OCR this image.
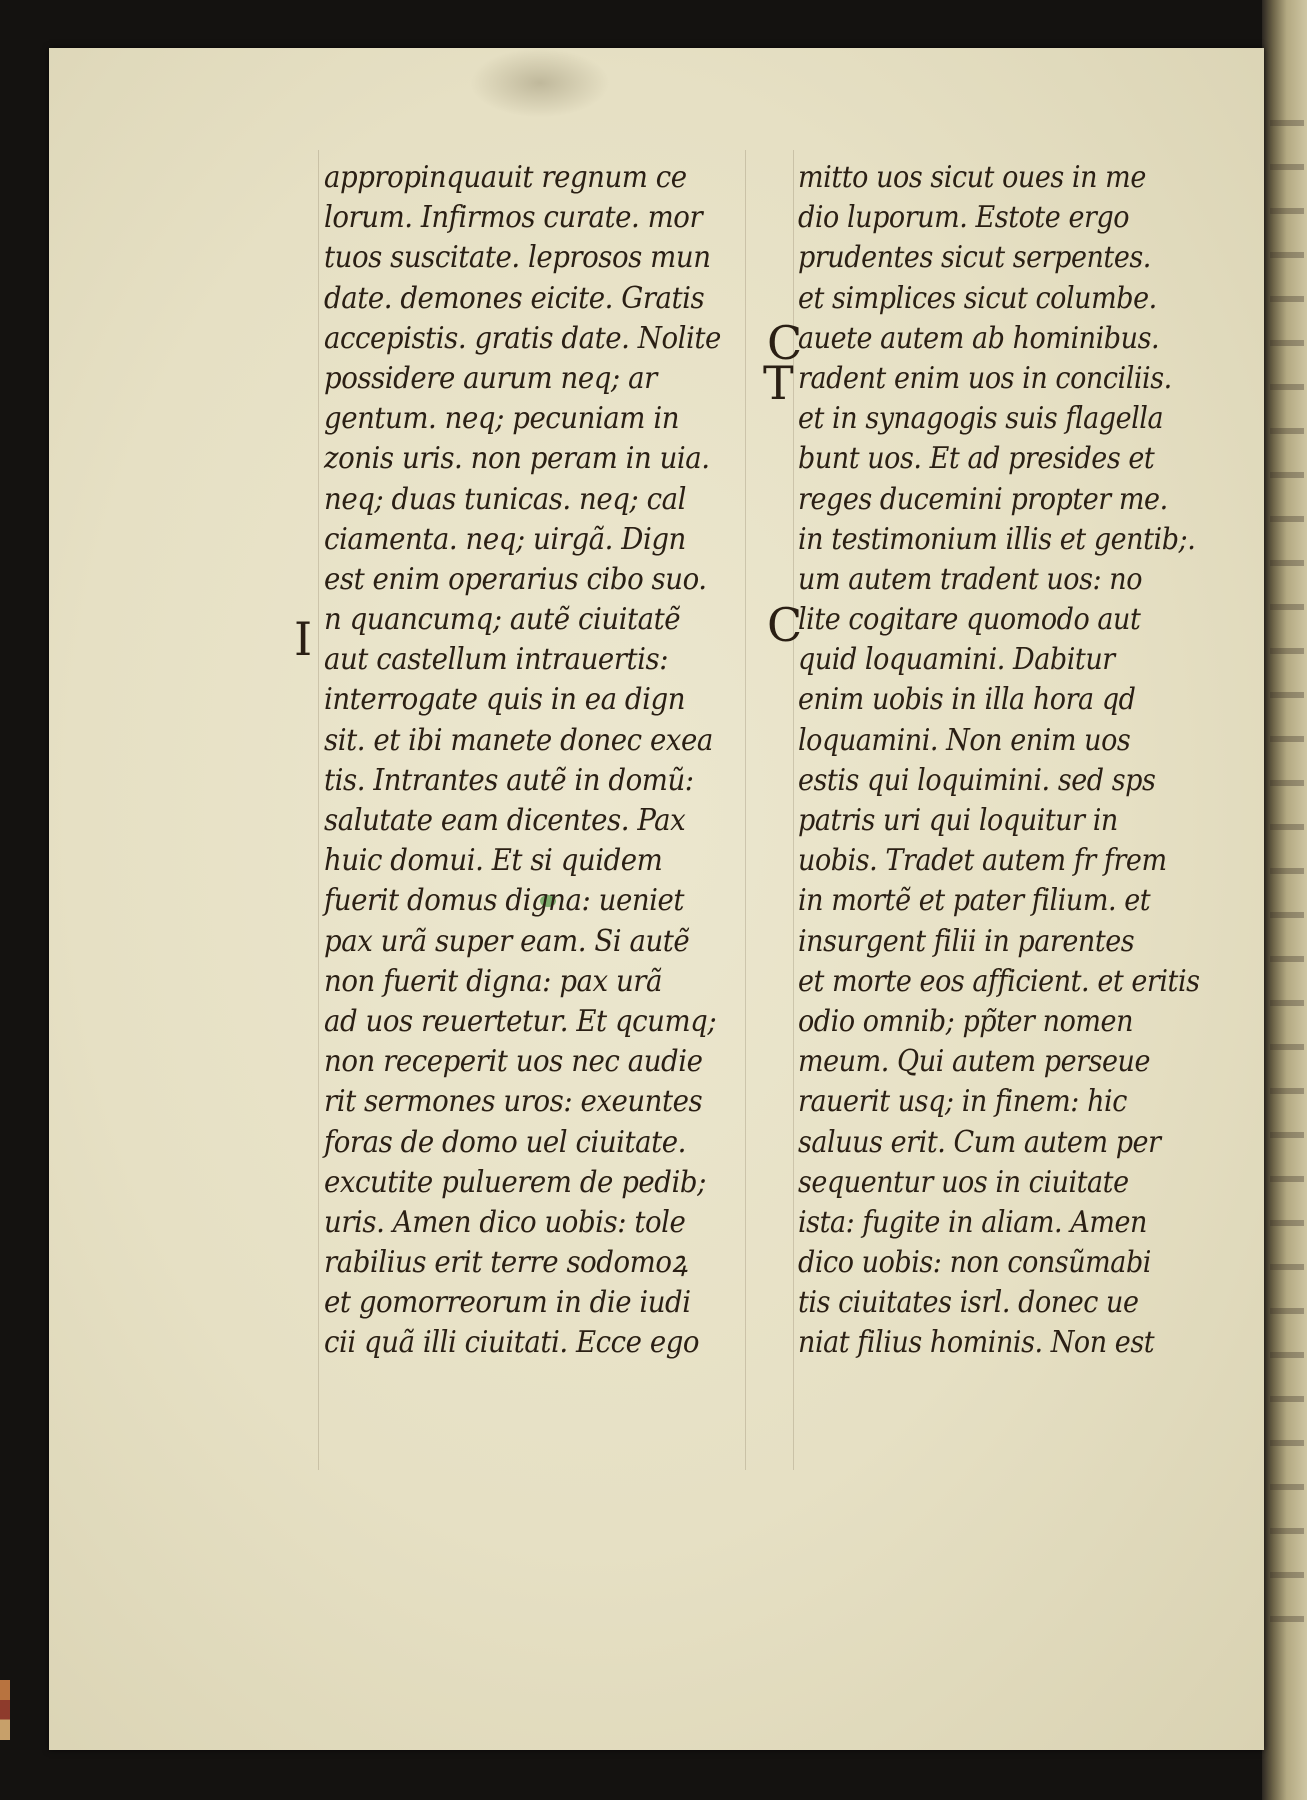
I
C
T
C
appropinquauit regnum ce
lorum. Infirmos curate. mor
tuos suscitate. leprosos mun
date. demones eicite. Gratis
accepistis. gratis date. Nolite
possidere aurum neq; ar
gentum. neq; pecuniam in
zonis uris. non peram in uia.
neq; duas tunicas. neq; cal
ciamenta. neq; uirgã. Dign
est enim operarius cibo suo.
n quancumq; autẽ ciuitatẽ
aut castellum intrauertis:
interrogate quis in ea dign
sit. et ibi manete donec exea
tis. Intrantes autẽ in domũ:
salutate eam dicentes. Pax
huic domui. Et si quidem
fuerit domus digna: ueniet
pax urã super eam. Si autẽ
non fuerit digna: pax urã
ad uos reuertetur. Et qcumq;
non receperit uos nec audie
rit sermones uros: exeuntes
foras de domo uel ciuitate.
excutite puluerem de pedib;
uris. Amen dico uobis: tole
rabilius erit terre sodomoꝝ
et gomorreorum in die iudi
cii quã illi ciuitati. Ecce ego
mitto uos sicut oues in me
dio luporum. Estote ergo
prudentes sicut serpentes.
et simplices sicut columbe.
auete autem ab hominibus.
radent enim uos in conciliis.
et in synagogis suis flagella
bunt uos. Et ad presides et
reges ducemini propter me.
in testimonium illis et gentib;.
um autem tradent uos: no
lite cogitare quomodo aut
quid loquamini. Dabitur
enim uobis in illa hora qd
loquamini. Non enim uos
estis qui loquimini. sed sps
patris uri qui loquitur in
uobis. Tradet autem fr frem
in mortẽ et pater filium. et
insurgent filii in parentes
et morte eos afficient. et eritis
odio omnib; pp̃ter nomen
meum. Qui autem perseue
rauerit usq; in finem: hic
saluus erit. Cum autem per
sequentur uos in ciuitate
ista: fugite in aliam. Amen
dico uobis: non consũmabi
tis ciuitates isrl. donec ue
niat filius hominis. Non est
